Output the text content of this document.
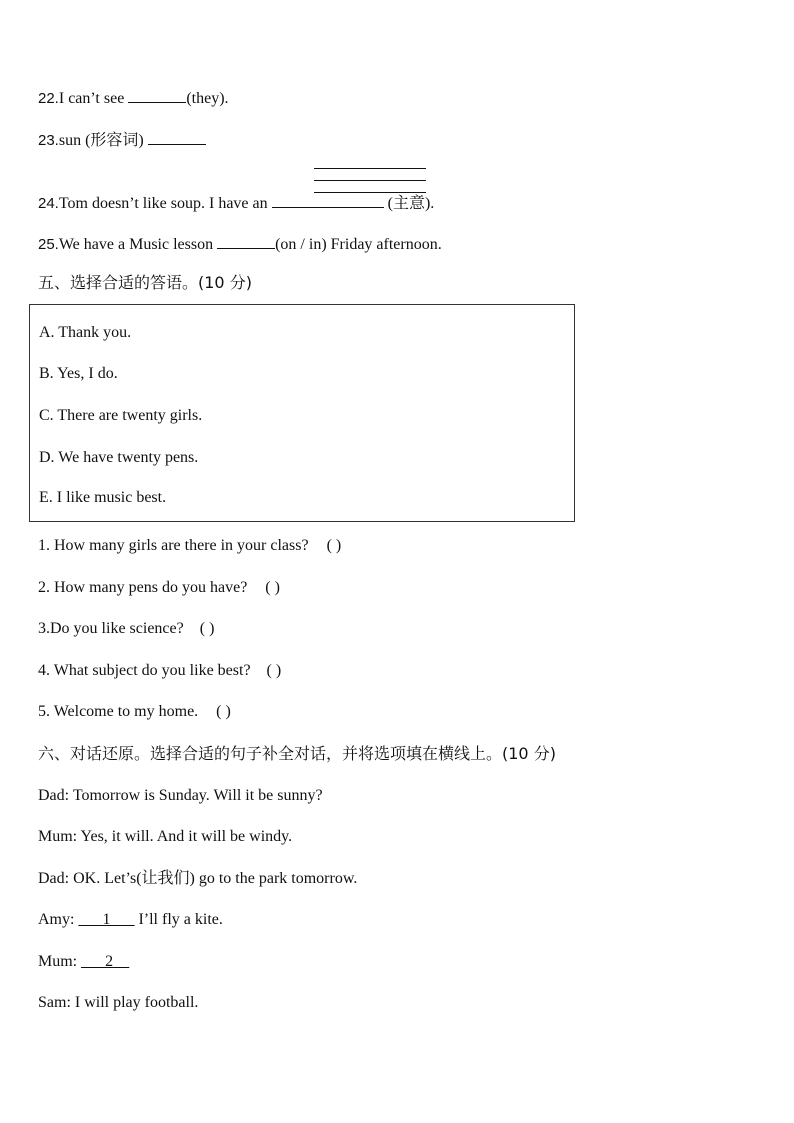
22.I can’t see	(they).
23.sun (形容词)
24.Tom doesn’t like soup. I have an	(主意).
25.We have a Music lesson	(on / in) Friday afternoon.
五、选择合适的答语。(10 分)
A. Thank you.
B. Yes, I do.
C. There are twenty girls.
D. We have twenty pens.
E. I like music best.
1. How many girls are there in your class? ( )
2. How many pens do you have? ( )
3.Do you like science? ( )
4. What subject do you like best? ( )
5. Welcome to my home. ( )
六、对话还原。选择合适的句子补全对话，并将选项填在横线上。(10 分)
Dad: Tomorrow is Sunday. Will it be sunny?
Mum: Yes, it will. And it will be windy.
Dad: OK. Let’s(让我们) go to the park tomorrow.
Amy: ___1___ I’ll fly a kite.
Mum: ___2__
Sam: I will play football.
